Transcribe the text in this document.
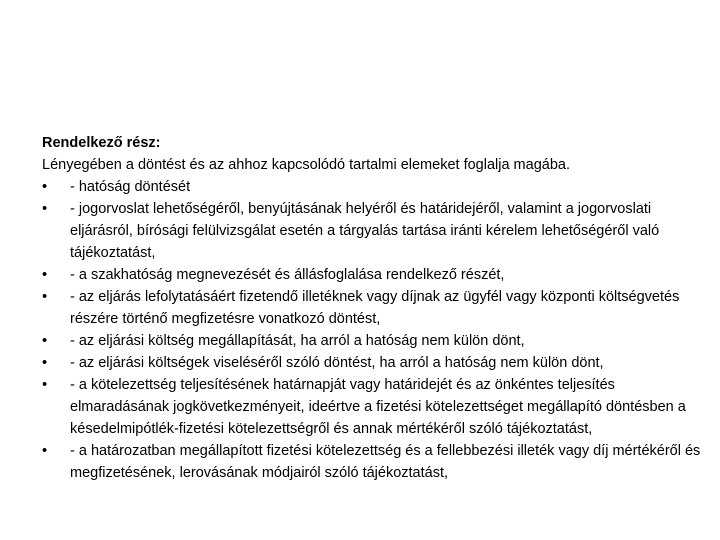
Rendelkező rész:

Lényegében a döntést és az ahhoz kapcsolódó tartalmi elemeket foglalja magába.

•	- hatóság döntését
•	- jogorvoslat lehetőségéről, benyújtásának helyéről és határidejéről, valamint a jogorvoslati eljárásról, bírósági felülvizsgálat esetén a tárgyalás tartása iránti kérelem lehetőségéről való tájékoztatást,
•	- a szakhatóság megnevezését és állásfoglalása rendelkező részét,
•	- az eljárás lefolytatásáért fizetendő illetéknek vagy díjnak az ügyfél vagy központi költségvetés részére történő megfizetésre vonatkozó döntést,
•	- az eljárási költség megállapítását, ha arról a hatóság nem külön dönt,
•	- az eljárási költségek viseléséről szóló döntést, ha arról a hatóság nem külön dönt,
•	- a kötelezettség teljesítésének határnapját vagy határidejét és az önkéntes teljesítés elmaradásának jogkövetkezményeit, ideértve a fizetési kötelezettséget megállapító döntésben a késedelmipótlék-fizetési kötelezettségről és annak mértékéről szóló tájékoztatást,
•	- a határozatban megállapított fizetési kötelezettség és a fellebbezési illeték vagy díj mértékéről és megfizetésének, lerovásának módjairól szóló tájékoztatást,
